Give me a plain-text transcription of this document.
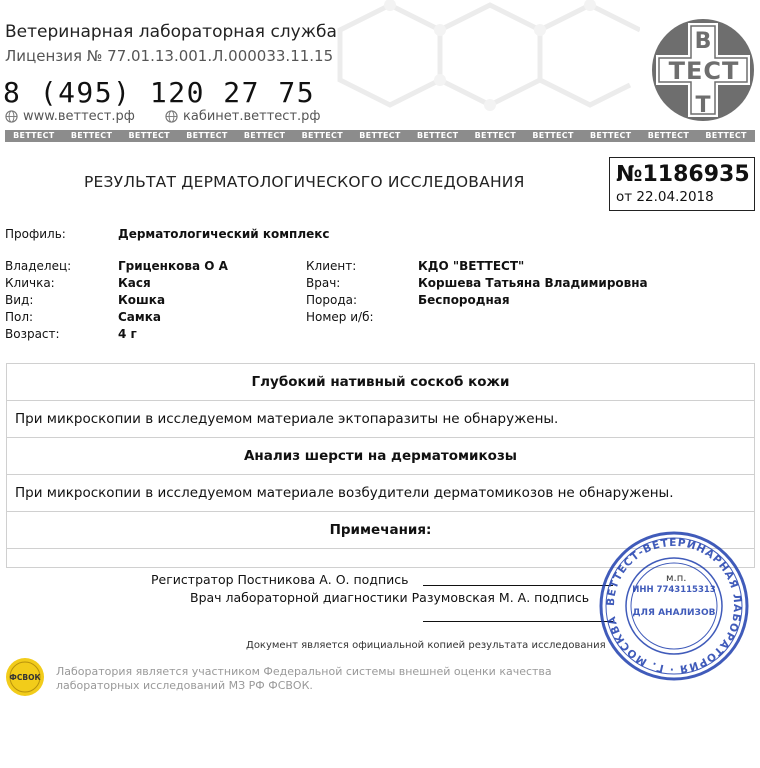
Ветеринарная лабораторная служба
Лицензия № 77.01.13.001.Л.000033.11.15
8 (495) 120 27 75
www.веттест.рф	кабинет.веттест.рф
В
Т
ТЕСТ
ВЕТТЕСТ	ВЕТТЕСТ	ВЕТТЕСТ	ВЕТТЕСТ	ВЕТТЕСТ	ВЕТТЕСТ	ВЕТТЕСТ	ВЕТТЕСТ	ВЕТТЕСТ	ВЕТТЕСТ	ВЕТТЕСТ	ВЕТТЕСТ	ВЕТТЕСТ
РЕЗУЛЬТАТ ДЕРМАТОЛОГИЧЕСКОГО ИССЛЕДОВАНИЯ	№1186935
от 22.04.2018
Профиль:	Дерматологический комплекс
Владелец:	Гриценкова О А
Кличка:	Кася
Вид:	Кошка
Пол:	Самка
Возраст:	4 г
Клиент:	КДО "ВЕТТЕСТ"
Врач:	Коршева Татьяна Владимировна
Порода:	Беспородная
Номер и/б:
Глубокий нативный соскоб кожи
При микроскопии в исследуемом материале эктопаразиты не обнаружены.
Анализ шерсти на дерматомикозы
При микроскопии в исследуемом материале возбудители дерматомикозов не обнаружены.
Примечания:
Регистратор Постникова А. О. подпись	м.п.
Врач лабораторной диагностики Разумовская М. А. подпись
Документ является официальной копией результата исследования
ВЕТТЕСТ-ВЕТЕРИНАРНАЯ ЛАБОРАТОРИЯ · Г. МОСКВА
ИНН 7743115313
ДЛЯ АНАЛИЗОВ
ФСВОК Лаборатория является участником Федеральной системы внешней оценки качества
лабораторных исследований МЗ РФ ФСВОК.
